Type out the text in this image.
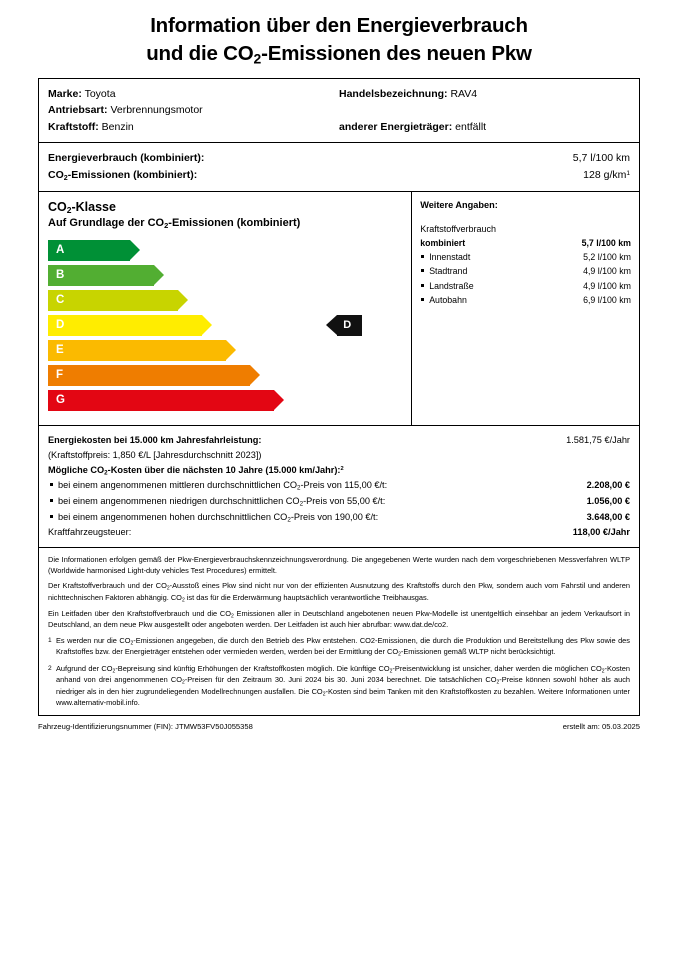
Information über den Energieverbrauch
und die $CO_2$-Emissionen des neuen Pkw
Marke: Toyota	Handelsbezeichnung: RAV4
Antriebsart: Verbrennungsmotor
Kraftstoff: Benzin	anderer Energieträger: entfällt
Energieverbrauch (kombiniert):	5,7 l/100 km
$CO_2$-Emissionen (kombiniert):	128 $g/km^1$
$CO_2$-Klasse
Auf Grundlage der $CO_2$-Emissionen (kombiniert)
A
B
C
D	D
E
F
G
Weitere Angaben:
Kraftstoffverbrauch
kombiniert	5,7 l/100 km
Innenstadt	5,2 l/100 km
Stadtrand	4,9 l/100 km
Landstraße	4,9 l/100 km
Autobahn	6,9 l/100 km
Energiekosten bei 15.000 km Jahresfahrleistung:	1.581,75 €/Jahr
(Kraftstoffpreis: 1,850 €/L [Jahresdurchschnitt 2023])
Mögliche $CO_2$-Kosten über die nächsten 10 Jahre (15.000 km/Jahr):$^2$
bei einem angenommenen mittleren durchschnittlichen $CO_2$-Preis von 115,00 €/t:	2.208,00 €
bei einem angenommenen niedrigen durchschnittlichen $CO_2$-Preis von 55,00 €/t:	1.056,00 €
bei einem angenommenen hohen durchschnittlichen $CO_2$-Preis von 190,00 €/t:	3.648,00 €
Kraftfahrzeugsteuer:	118,00 €/Jahr

Die Informationen erfolgen gemäß der Pkw-Energieverbrauchskennzeichnungsverordnung. Die angegebenen Werte wurden nach dem vorgeschriebenen Messverfahren WLTP (Worldwide harmonised Light-duty vehicles Test Procedures) ermittelt.

Der Kraftstoffverbrauch und der $CO_2$-Ausstoß eines Pkw sind nicht nur von der effizienten Ausnutzung des Kraftstoffs durch den Pkw, sondern auch vom Fahrstil und anderen nichttechnischen Faktoren abhängig. $CO_2$ ist das für die Erderwärmung hauptsächlich verantwortliche Treibhausgas.

Ein Leitfaden über den Kraftstoffverbrauch und die $CO_2$ Emissionen aller in Deutschland angebotenen neuen Pkw-Modelle ist unentgeltlich einsehbar an jedem Verkaufsort in Deutschland, an dem neue Pkw ausgestellt oder angeboten werden. Der Leitfaden ist auch hier abrufbar: www.dat.de/co2.

1 Es werden nur die $CO_2$-Emissionen angegeben, die durch den Betrieb des Pkw entstehen. CO2-Emissionen, die durch die Produktion und Bereitstellung des Pkw sowie des Kraftstoffes bzw. der Energieträger entstehen oder vermieden werden, werden bei der Ermittlung der $CO_2$-Emissionen gemäß WLTP nicht berücksichtigt.

2 Aufgrund der $CO_2$-Bepreisung sind künftig Erhöhungen der Kraftstoffkosten möglich. Die künftige $CO_2$-Preisentwicklung ist unsicher, daher werden die möglichen $CO_2$-Kosten anhand von drei angenommenen $CO_2$-Preisen für den Zeitraum 30. Juni 2024 bis 30. Juni 2034 berechnet. Die tatsächlichen $CO_2$-Preise können sowohl höher als auch niedriger als in den hier zugrundeliegenden Modellrechnungen ausfallen. Die $CO_2$-Kosten sind beim Tanken mit den Kraftstoffkosten zu bezahlen. Weitere Informationen unter www.alternativ-mobil.info.

Fahrzeug-Identifizierungsnummer (FIN): JTMW53FV50J055358	erstellt am: 05.03.2025
